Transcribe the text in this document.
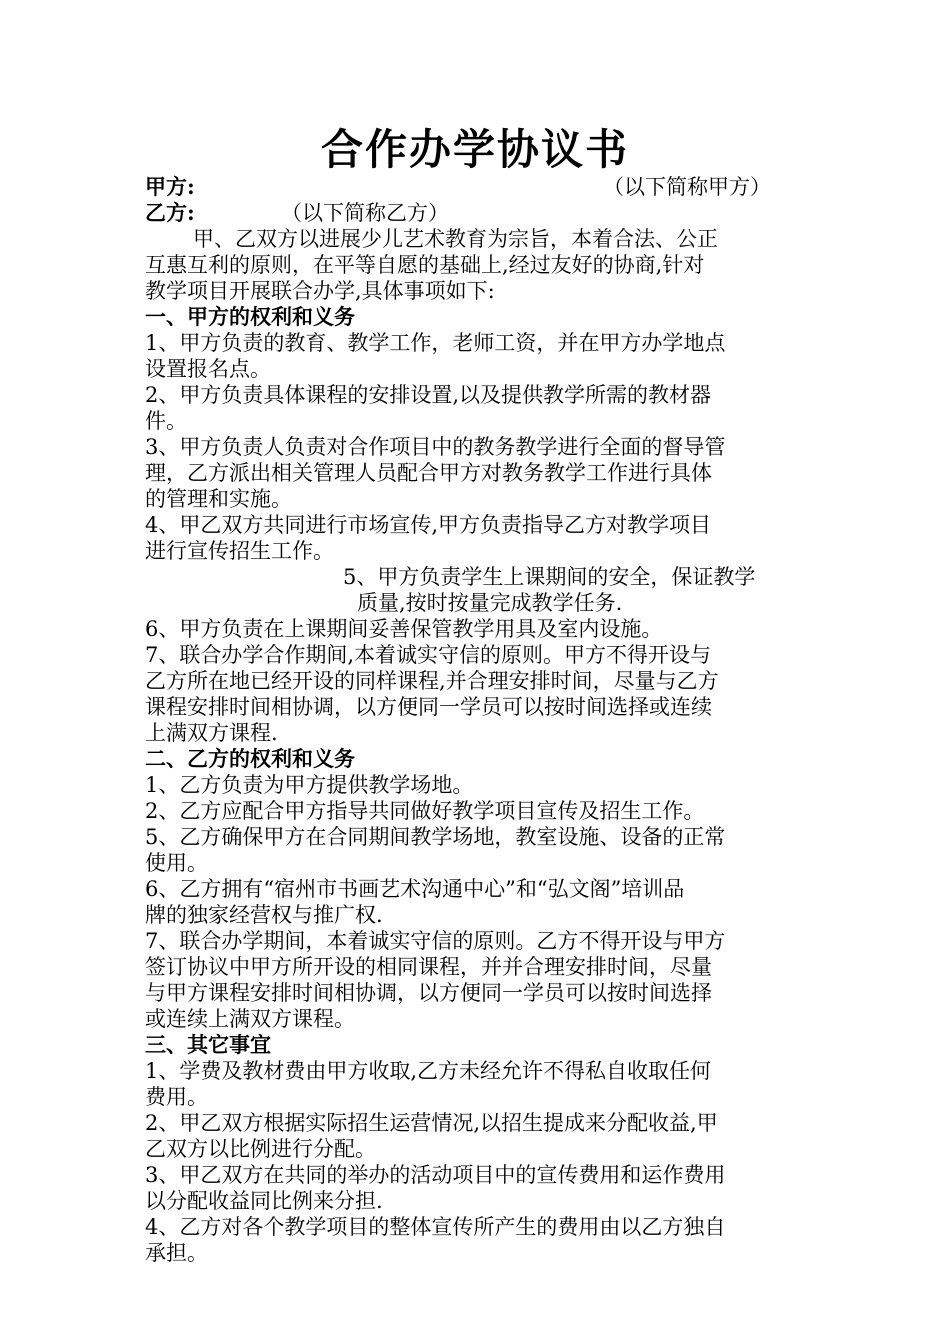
合作办学协议书
甲方:	（以下简称甲方）
乙方:	（以下简称乙方）
甲、乙双方以进展少儿艺术教育为宗旨，本着合法、公正
互惠互利的原则，在平等自愿的基础上,经过友好的协商,针对
教学项目开展联合办学,具体事项如下:
一、甲方的权利和义务
1、甲方负责的教育、教学工作，老师工资，并在甲方办学地点
设置报名点。
2、甲方负责具体课程的安排设置,以及提供教学所需的教材器
件。
3、甲方负责人负责对合作项目中的教务教学进行全面的督导管
理，乙方派出相关管理人员配合甲方对教务教学工作进行具体
的管理和实施。
4、甲乙双方共同进行市场宣传,甲方负责指导乙方对教学项目
进行宣传招生工作。
5、甲方负责学生上课期间的安全，保证教学
质量,按时按量完成教学任务.
6、甲方负责在上课期间妥善保管教学用具及室内设施。
7、联合办学合作期间,本着诚实守信的原则。甲方不得开设与
乙方所在地已经开设的同样课程,并合理安排时间，尽量与乙方
课程安排时间相协调，以方便同一学员可以按时间选择或连续
上满双方课程.
二、乙方的权利和义务
1、乙方负责为甲方提供教学场地。
2、乙方应配合甲方指导共同做好教学项目宣传及招生工作。
5、乙方确保甲方在合同期间教学场地，教室设施、设备的正常
使用。
6、乙方拥有“宿州市书画艺术沟通中心”和“弘文阁”培训品
牌的独家经营权与推广权.
7、联合办学期间，本着诚实守信的原则。乙方不得开设与甲方
签订协议中甲方所开设的相同课程，并并合理安排时间，尽量
与甲方课程安排时间相协调，以方便同一学员可以按时间选择
或连续上满双方课程。
三、其它事宜
1、学费及教材费由甲方收取,乙方未经允许不得私自收取任何
费用。
2、甲乙双方根据实际招生运营情况,以招生提成来分配收益,甲
乙双方以比例进行分配。
3、甲乙双方在共同的举办的活动项目中的宣传费用和运作费用
以分配收益同比例来分担.
4、乙方对各个教学项目的整体宣传所产生的费用由以乙方独自
承担。
